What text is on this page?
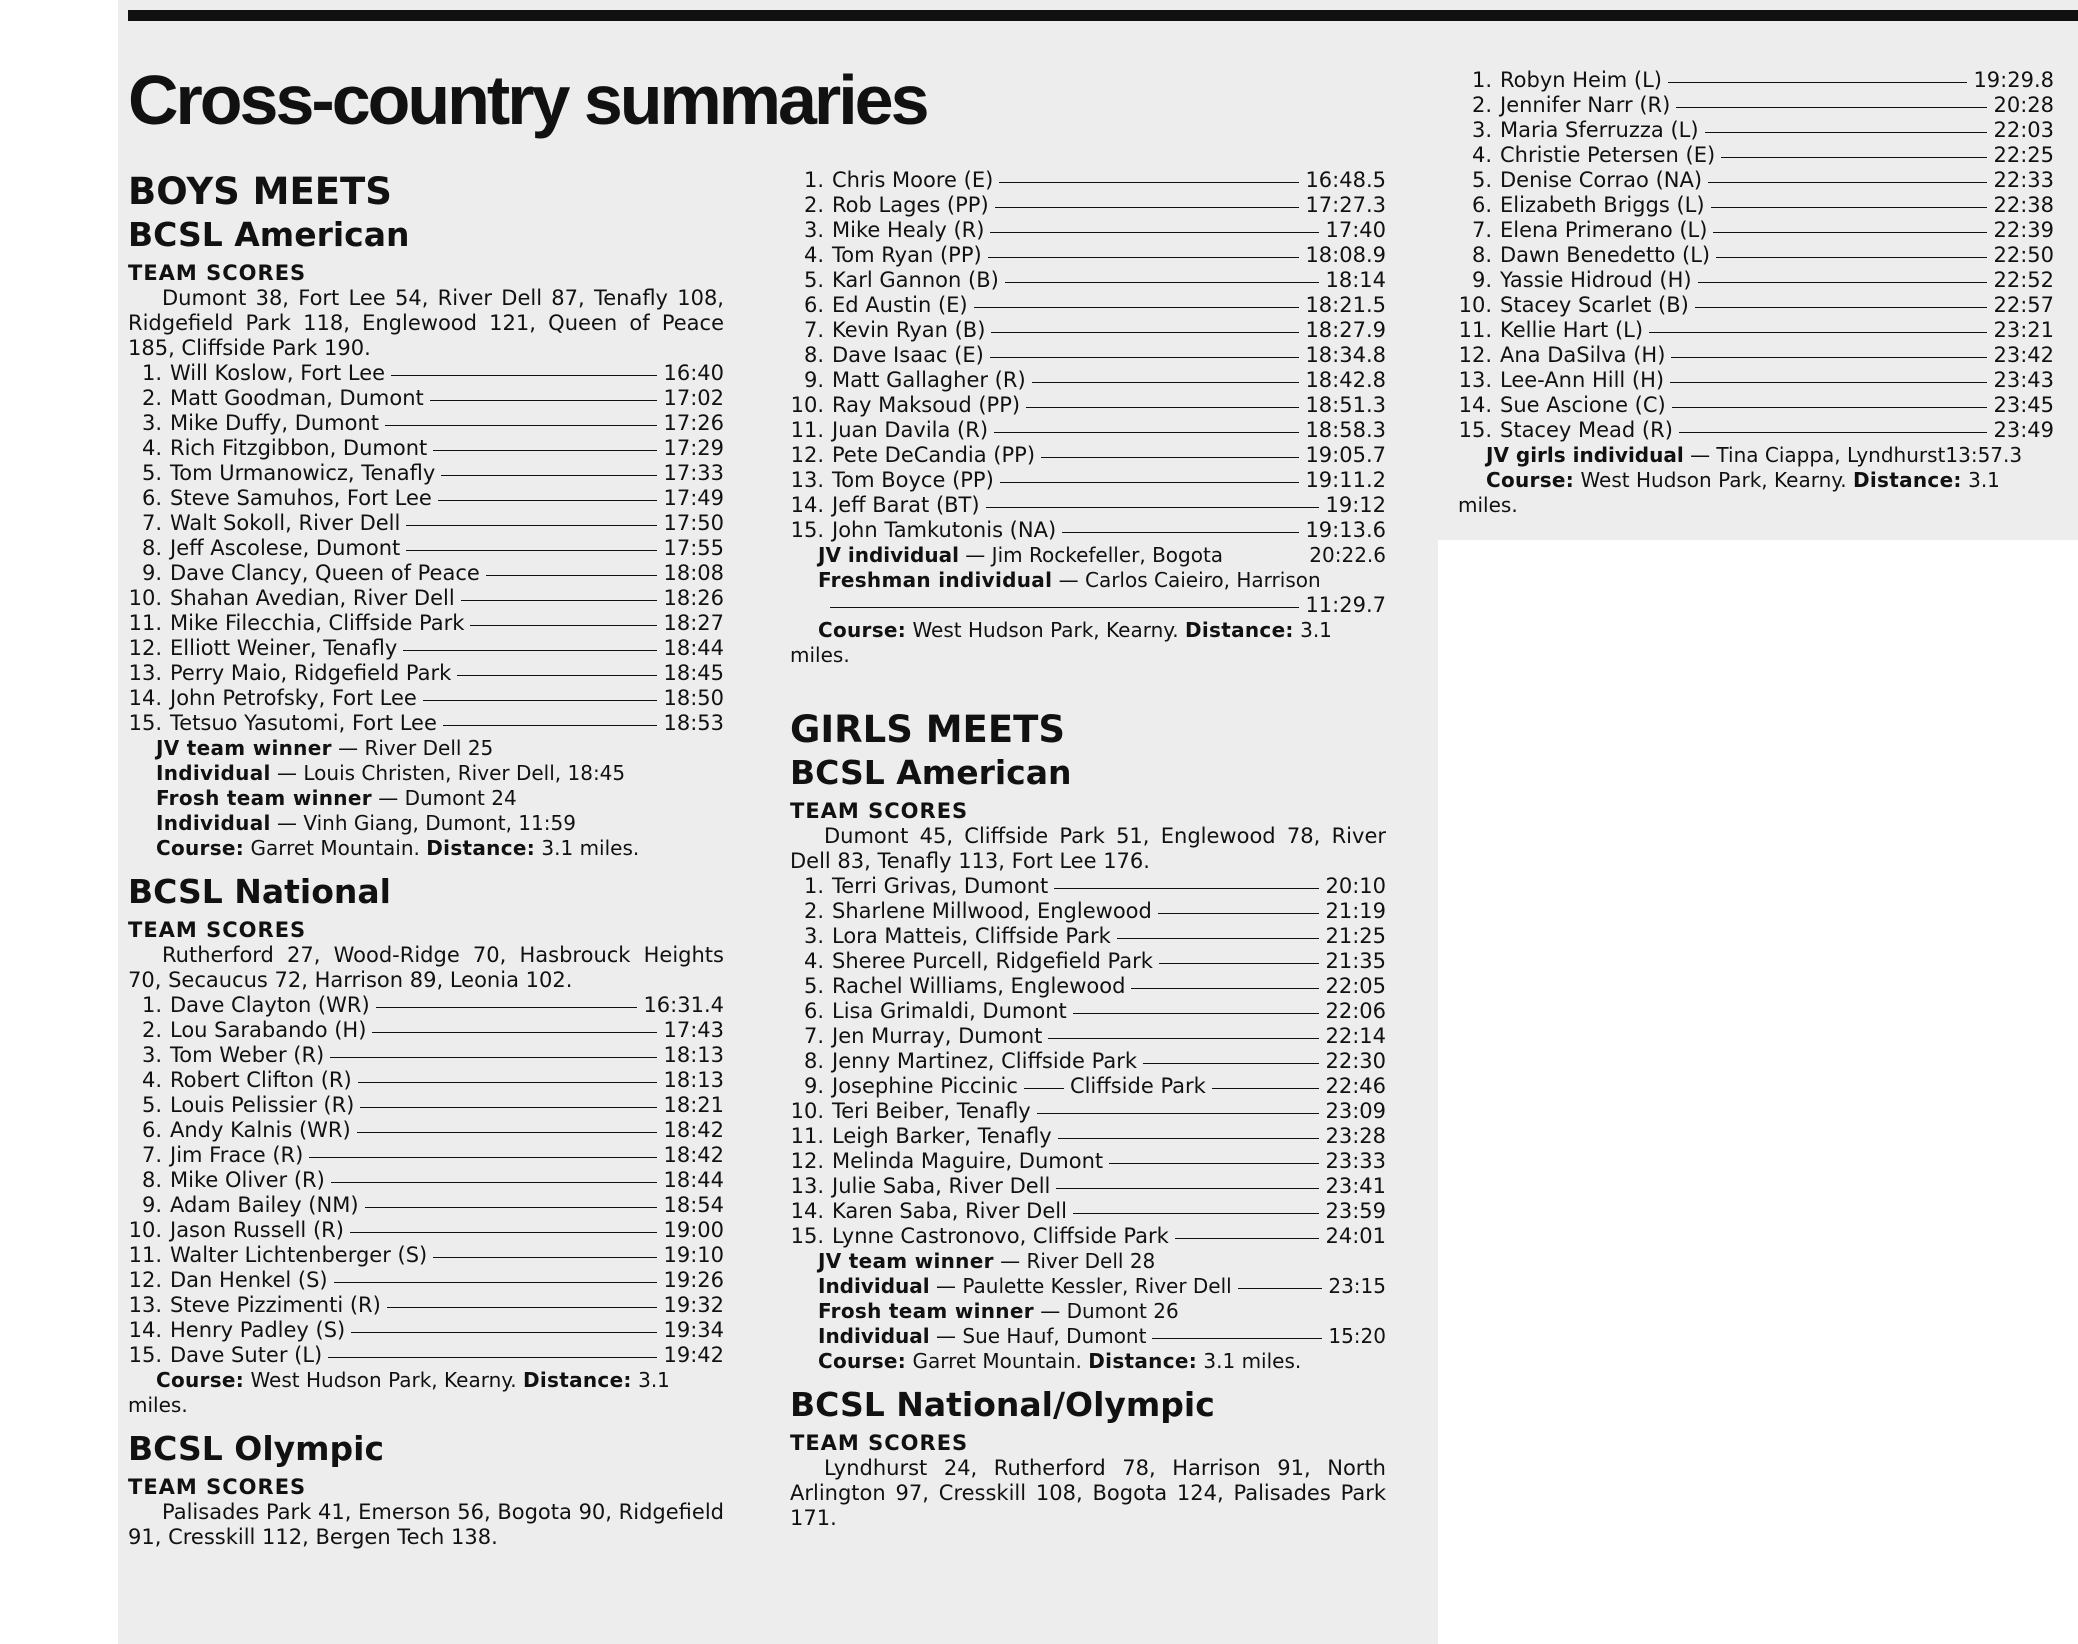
Cross-country summaries
BOYS MEETS
BCSL American
TEAM SCORES
Dumont 38, Fort Lee 54, River Dell 87, Tenafly 108, Ridgefield Park 118, Englewood 121, Queen of Peace 185, Cliffside Park 190.
1. Will Koslow, Fort Lee	16:40
2. Matt Goodman, Dumont	17:02
3. Mike Duffy, Dumont	17:26
4. Rich Fitzgibbon, Dumont	17:29
5. Tom Urmanowicz, Tenafly	17:33
6. Steve Samuhos, Fort Lee	17:49
7. Walt Sokoll, River Dell	17:50
8. Jeff Ascolese, Dumont	17:55
9. Dave Clancy, Queen of Peace	18:08
10. Shahan Avedian, River Dell	18:26
11. Mike Filecchia, Cliffside Park	18:27
12. Elliott Weiner, Tenafly	18:44
13. Perry Maio, Ridgefield Park	18:45
14. John Petrofsky, Fort Lee	18:50
15. Tetsuo Yasutomi, Fort Lee	18:53
JV team winner — River Dell 25
Individual — Louis Christen, River Dell, 18:45
Frosh team winner — Dumont 24
Individual — Vinh Giang, Dumont, 11:59
Course: Garret Mountain. Distance: 3.1 miles.
BCSL National
TEAM SCORES
Rutherford 27, Wood-Ridge 70, Hasbrouck Heights 70, Secaucus 72, Harrison 89, Leonia 102.
1. Dave Clayton (WR)	16:31.4
2. Lou Sarabando (H)	17:43
3. Tom Weber (R)	18:13
4. Robert Clifton (R)	18:13
5. Louis Pelissier (R)	18:21
6. Andy Kalnis (WR)	18:42
7. Jim Frace (R)	18:42
8. Mike Oliver (R)	18:44
9. Adam Bailey (NM)	18:54
10. Jason Russell (R)	19:00
11. Walter Lichtenberger (S)	19:10
12. Dan Henkel (S)	19:26
13. Steve Pizzimenti (R)	19:32
14. Henry Padley (S)	19:34
15. Dave Suter (L)	19:42
Course: West Hudson Park, Kearny. Distance: 3.1 miles.
BCSL Olympic
TEAM SCORES
Palisades Park 41, Emerson 56, Bogota 90, Ridgefield 91, Cresskill 112, Bergen Tech 138.
1. Chris Moore (E)	16:48.5
2. Rob Lages (PP)	17:27.3
3. Mike Healy (R)	17:40
4. Tom Ryan (PP)	18:08.9
5. Karl Gannon (B)	18:14
6. Ed Austin (E)	18:21.5
7. Kevin Ryan (B)	18:27.9
8. Dave Isaac (E)	18:34.8
9. Matt Gallagher (R)	18:42.8
10. Ray Maksoud (PP)	18:51.3
11. Juan Davila (R)	18:58.3
12. Pete DeCandia (PP)	19:05.7
13. Tom Boyce (PP)	19:11.2
14. Jeff Barat (BT)	19:12
15. John Tamkutonis (NA)	19:13.6
JV individual — Jim Rockefeller, Bogota	20:22.6
Freshman individual — Carlos Caieiro, Harrison
11:29.7
Course: West Hudson Park, Kearny. Distance: 3.1 miles.
GIRLS MEETS
BCSL American
TEAM SCORES
Dumont 45, Cliffside Park 51, Englewood 78, River Dell 83, Tenafly 113, Fort Lee 176.
1. Terri Grivas, Dumont	20:10
2. Sharlene Millwood, Englewood	21:19
3. Lora Matteis, Cliffside Park	21:25
4. Sheree Purcell, Ridgefield Park	21:35
5. Rachel Williams, Englewood	22:05
6. Lisa Grimaldi, Dumont	22:06
7. Jen Murray, Dumont	22:14
8. Jenny Martinez, Cliffside Park	22:30
9. Josephine Piccinic Cliffside Park	22:46
10. Teri Beiber, Tenafly	23:09
11. Leigh Barker, Tenafly	23:28
12. Melinda Maguire, Dumont	23:33
13. Julie Saba, River Dell	23:41
14. Karen Saba, River Dell	23:59
15. Lynne Castronovo, Cliffside Park	24:01
JV team winner — River Dell 28
Individual — Paulette Kessler, River Dell	23:15
Frosh team winner — Dumont 26
Individual — Sue Hauf, Dumont	15:20
Course: Garret Mountain. Distance: 3.1 miles.
BCSL National/Olympic
TEAM SCORES
Lyndhurst 24, Rutherford 78, Harrison 91, North Arlington 97, Cresskill 108, Bogota 124, Palisades Park 171.
1. Robyn Heim (L)	19:29.8
2. Jennifer Narr (R)	20:28
3. Maria Sferruzza (L)	22:03
4. Christie Petersen (E)	22:25
5. Denise Corrao (NA)	22:33
6. Elizabeth Briggs (L)	22:38
7. Elena Primerano (L)	22:39
8. Dawn Benedetto (L)	22:50
9. Yassie Hidroud (H)	22:52
10. Stacey Scarlet (B)	22:57
11. Kellie Hart (L)	23:21
12. Ana DaSilva (H)	23:42
13. Lee-Ann Hill (H)	23:43
14. Sue Ascione (C)	23:45
15. Stacey Mead (R)	23:49
JV girls individual — Tina Ciappa, Lyndhurst 13:57.3
Course: West Hudson Park, Kearny. Distance: 3.1 miles.
